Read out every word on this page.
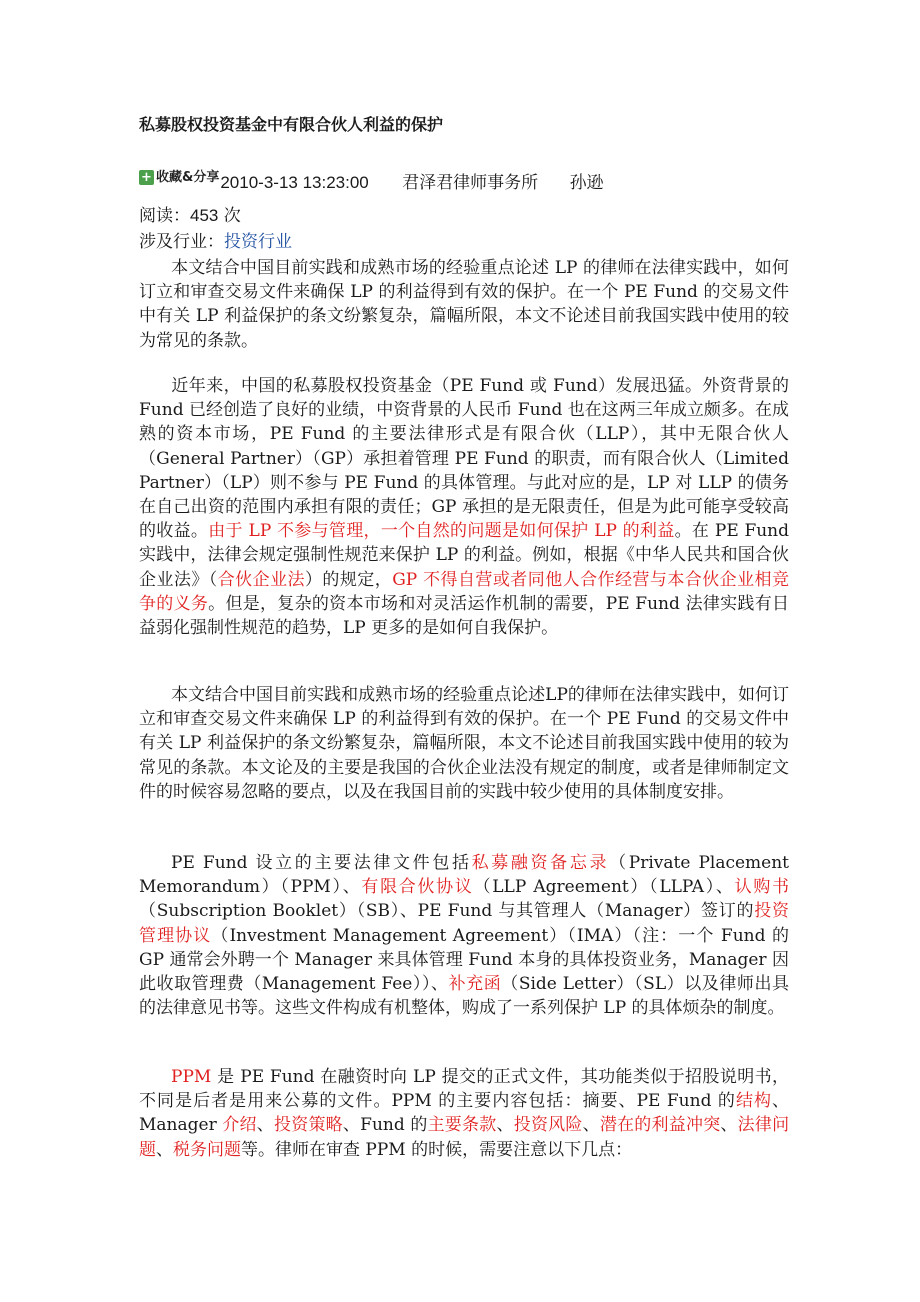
私募股权投资基金中有限合伙人利益的保护
+ 收藏&分享2010-3-13 13:23:00 君泽君律师事务所 孙逊
阅读：453 次
涉及行业：投资行业

本文结合中国目前实践和成熟市场的经验重点论述 LP 的律师在法律实践中，如何订立和审查交易文件来确保 LP 的利益得到有效的保护。在一个 PE Fund 的交易文件中有关 LP 利益保护的条文纷繁复杂，篇幅所限，本文不论述目前我国实践中使用的较为常见的条款。

近年来，中国的私募股权投资基金（PE Fund 或 Fund）发展迅猛。外资背景的 Fund 已经创造了良好的业绩，中资背景的人民币 Fund 也在这两三年成立颇多。在成熟的资本市场，PE Fund 的主要法律形式是有限合伙（LLP），其中无限合伙人（General Partner）（GP）承担着管理 PE Fund 的职责，而有限合伙人（Limited Partner）（LP）则不参与 PE Fund 的具体管理。与此对应的是，LP 对 LLP 的债务在自己出资的范围内承担有限的责任；GP 承担的是无限责任，但是为此可能享受较高的收益。由于 LP 不参与管理，一个自然的问题是如何保护 LP 的利益。在 PE Fund 实践中，法律会规定强制性规范来保护 LP 的利益。例如，根据《中华人民共和国合伙企业法》（合伙企业法）的规定，GP 不得自营或者同他人合作经营与本合伙企业相竞争的义务。但是，复杂的资本市场和对灵活运作机制的需要，PE Fund 法律实践有日益弱化强制性规范的趋势，LP 更多的是如何自我保护。

本文结合中国目前实践和成熟市场的经验重点论述LP的律师在法律实践中，如何订立和审查交易文件来确保 LP 的利益得到有效的保护。在一个 PE Fund 的交易文件中有关 LP 利益保护的条文纷繁复杂，篇幅所限，本文不论述目前我国实践中使用的较为常见的条款。本文论及的主要是我国的合伙企业法没有规定的制度，或者是律师制定文件的时候容易忽略的要点，以及在我国目前的实践中较少使用的具体制度安排。

PE Fund 设立的主要法律文件包括私募融资备忘录（Private Placement Memorandum）（PPM）、有限合伙协议（LLP Agreement）（LLPA）、认购书（Subscription Booklet）（SB）、PE Fund 与其管理人（Manager）签订的投资管理协议（Investment Management Agreement）（IMA）（注：一个 Fund 的 GP 通常会外聘一个 Manager 来具体管理 Fund 本身的具体投资业务，Manager 因此收取管理费（Management Fee））、补充函（Side Letter）（SL）以及律师出具的法律意见书等。这些文件构成有机整体，购成了一系列保护 LP 的具体烦杂的制度。

PPM 是 PE Fund 在融资时向 LP 提交的正式文件，其功能类似于招股说明书，不同是后者是用来公募的文件。PPM 的主要内容包括：摘要、PE Fund 的结构、Manager 介绍、投资策略、Fund 的主要条款、投资风险、潜在的利益冲突、法律问题、税务问题等。律师在审查 PPM 的时候，需要注意以下几点：
